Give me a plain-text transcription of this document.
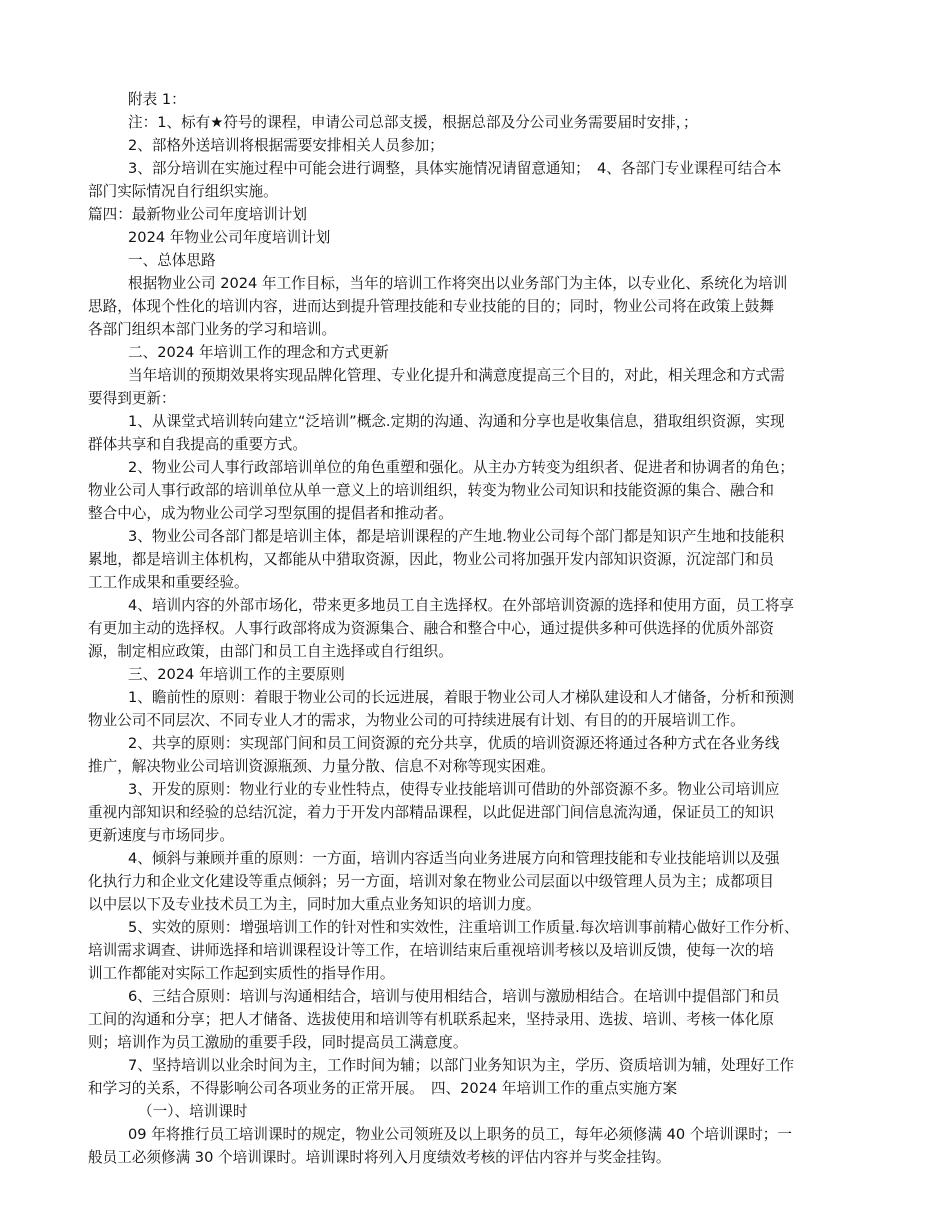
附表 1：
注：1、标有★符号的课程，申请公司总部支援，根据总部及分公司业务需要届时安排，；
2、部格外送培训将根据需要安排相关人员参加；
3、部分培训在实施过程中可能会进行调整，具体实施情况请留意通知；　4、各部门专业课程可结合本
部门实际情况自行组织实施。
篇四：最新物业公司年度培训计划
2024 年物业公司年度培训计划
一、总体思路
根据物业公司 2024 年工作目标，当年的培训工作将突出以业务部门为主体，以专业化、系统化为培训
思路，体现个性化的培训内容，进而达到提升管理技能和专业技能的目的；同时，物业公司将在政策上鼓舞
各部门组织本部门业务的学习和培训。
二、2024 年培训工作的理念和方式更新
当年培训的预期效果将实现品牌化管理、专业化提升和满意度提高三个目的，对此，相关理念和方式需
要得到更新：
1、从课堂式培训转向建立“泛培训”概念.定期的沟通、沟通和分享也是收集信息，猎取组织资源，实现
群体共享和自我提高的重要方式。
2、物业公司人事行政部培训单位的角色重塑和强化。从主办方转变为组织者、促进者和协调者的角色；
物业公司人事行政部的培训单位从单一意义上的培训组织，转变为物业公司知识和技能资源的集合、融合和
整合中心，成为物业公司学习型氛围的提倡者和推动者。
3、物业公司各部门都是培训主体，都是培训课程的产生地.物业公司每个部门都是知识产生地和技能积
累地，都是培训主体机构，又都能从中猎取资源，因此，物业公司将加强开发内部知识资源，沉淀部门和员
工工作成果和重要经验。
4、培训内容的外部市场化，带来更多地员工自主选择权。在外部培训资源的选择和使用方面，员工将享
有更加主动的选择权。人事行政部将成为资源集合、融合和整合中心，通过提供多种可供选择的优质外部资
源，制定相应政策，由部门和员工自主选择或自行组织。
三、2024 年培训工作的主要原则
1、瞻前性的原则：着眼于物业公司的长远进展，着眼于物业公司人才梯队建设和人才储备，分析和预测
物业公司不同层次、不同专业人才的需求，为物业公司的可持续进展有计划、有目的的开展培训工作。
2、共享的原则：实现部门间和员工间资源的充分共享，优质的培训资源还将通过各种方式在各业务线
推广，解决物业公司培训资源瓶颈、力量分散、信息不对称等现实困难。
3、开发的原则：物业行业的专业性特点，使得专业技能培训可借助的外部资源不多。物业公司培训应
重视内部知识和经验的总结沉淀，着力于开发内部精品课程，以此促进部门间信息流沟通，保证员工的知识
更新速度与市场同步。
4、倾斜与兼顾并重的原则：一方面，培训内容适当向业务进展方向和管理技能和专业技能培训以及强
化执行力和企业文化建设等重点倾斜；另一方面，培训对象在物业公司层面以中级管理人员为主；成都项目
以中层以下及专业技术员工为主，同时加大重点业务知识的培训力度。
5、实效的原则：增强培训工作的针对性和实效性，注重培训工作质量.每次培训事前精心做好工作分析、
培训需求调查、讲师选择和培训课程设计等工作，在培训结束后重视培训考核以及培训反馈，使每一次的培
训工作都能对实际工作起到实质性的指导作用。
6、三结合原则：培训与沟通相结合，培训与使用相结合，培训与激励相结合。在培训中提倡部门和员
工间的沟通和分享；把人才储备、选拔使用和培训等有机联系起来，坚持录用、选拔、培训、考核一体化原
则；培训作为员工激励的重要手段，同时提高员工满意度。
7、坚持培训以业余时间为主，工作时间为辅；以部门业务知识为主，学历、资质培训为辅，处理好工作
和学习的关系，不得影响公司各项业务的正常开展。　四、2024 年培训工作的重点实施方案
（一）、培训课时
09 年将推行员工培训课时的规定，物业公司领班及以上职务的员工，每年必须修满 40 个培训课时；一
般员工必须修满 30 个培训课时。培训课时将列入月度绩效考核的评估内容并与奖金挂钩。
